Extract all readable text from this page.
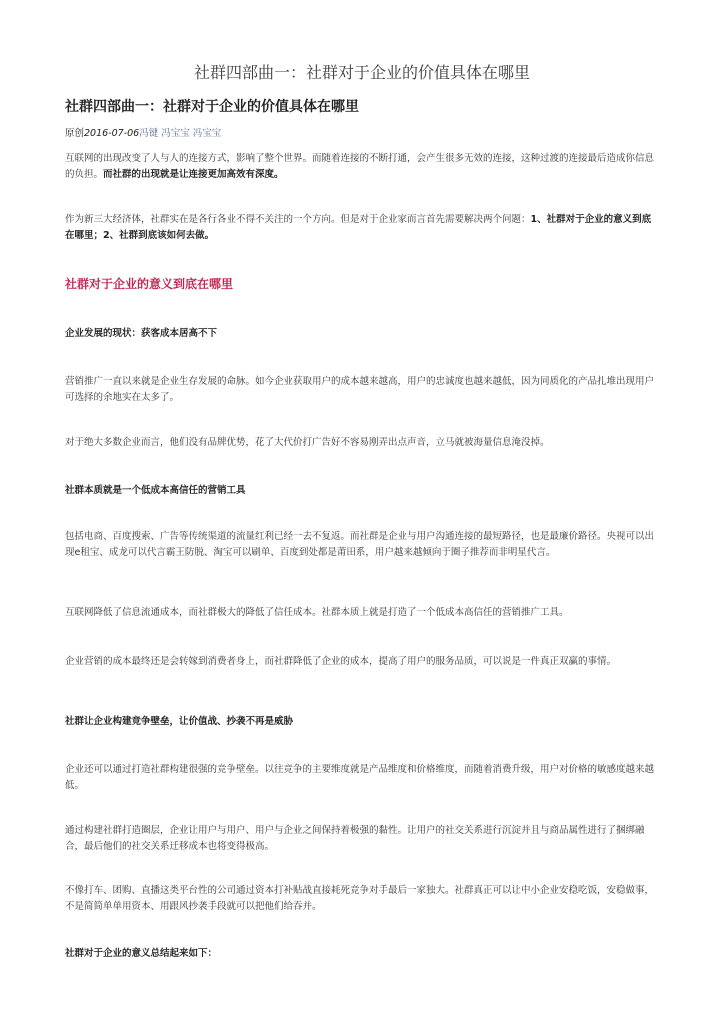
社群四部曲一：社群对于企业的价值具体在哪里
社群四部曲一：社群对于企业的价值具体在哪里
原创2016-07-06冯键 冯宝宝 冯宝宝
互联网的出现改变了人与人的连接方式，影响了整个世界。而随着连接的不断打通，会产生很多无效的连接，这种过渡的连接最后造成你信息的负担。而社群的出现就是让连接更加高效有深度。
作为新三大经济体，社群实在是各行各业不得不关注的一个方向。但是对于企业家而言首先需要解决两个问题：1、社群对于企业的意义到底在哪里；2、社群到底该如何去做。
社群对于企业的意义到底在哪里
企业发展的现状：获客成本居高不下
营销推广一直以来就是企业生存发展的命脉。如今企业获取用户的成本越来越高，用户的忠诚度也越来越低，因为同质化的产品扎堆出现用户可选择的余地实在太多了。
对于绝大多数企业而言，他们没有品牌优势，花了大代价打广告好不容易刚弄出点声音，立马就被海量信息淹没掉。
社群本质就是一个低成本高信任的营销工具
包括电商、百度搜索、广告等传统渠道的流量红利已经一去不复返。而社群是企业与用户沟通连接的最短路径，也是最廉价路径。央视可以出现e租宝、成龙可以代言霸王防脱、淘宝可以刷单、百度到处都是莆田系，用户越来越倾向于圈子推荐而非明星代言。
互联网降低了信息流通成本，而社群极大的降低了信任成本。社群本质上就是打造了一个低成本高信任的营销推广工具。
企业营销的成本最终还是会转嫁到消费者身上，而社群降低了企业的成本，提高了用户的服务品质，可以说是一件真正双赢的事情。
社群让企业构建竞争壁垒，让价值战、抄袭不再是威胁
企业还可以通过打造社群构建很强的竞争壁垒。以往竞争的主要维度就是产品维度和价格维度，而随着消费升级，用户对价格的敏感度越来越低。
通过构建社群打造圈层，企业让用户与用户、用户与企业之间保持着极强的黏性。让用户的社交关系进行沉淀并且与商品属性进行了捆绑融合，最后他们的社交关系迁移成本也将变得极高。
不像打车、团购、直播这类平台性的公司通过资本打补贴战直接耗死竞争对手最后一家独大。社群真正可以让中小企业安稳吃饭，安稳做事，不是简简单单用资本、用跟风抄袭手段就可以把他们给吞并。
社群对于企业的意义总结起来如下：
